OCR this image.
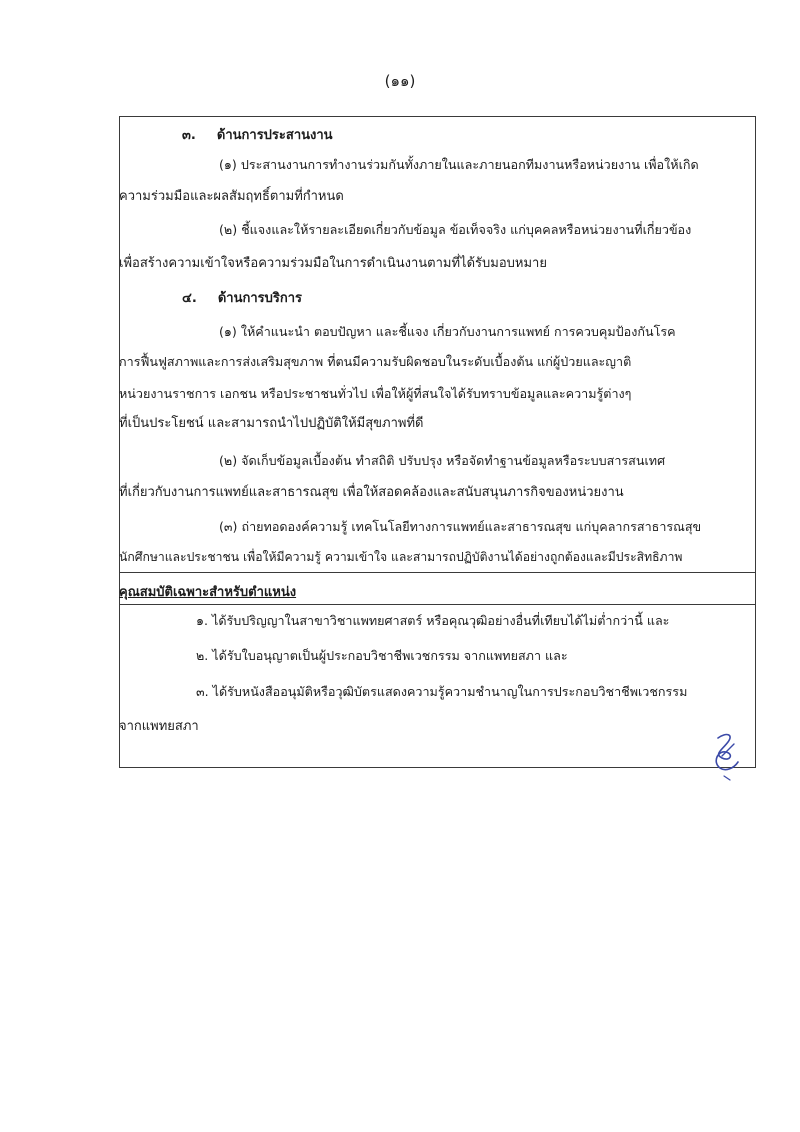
(๑๑)
๓. ด้านการประสานงาน
(๑) ประสานงานการทำงานร่วมกันทั้งภายในและภายนอกทีมงานหรือหน่วยงาน เพื่อให้เกิด
ความร่วมมือและผลสัมฤทธิ์ตามที่กำหนด
(๒) ชี้แจงและให้รายละเอียดเกี่ยวกับข้อมูล ข้อเท็จจริง แก่บุคคลหรือหน่วยงานที่เกี่ยวข้อง
เพื่อสร้างความเข้าใจหรือความร่วมมือในการดำเนินงานตามที่ได้รับมอบหมาย
๔. ด้านการบริการ
(๑) ให้คำแนะนำ ตอบปัญหา และชี้แจง เกี่ยวกับงานการแพทย์ การควบคุมป้องกันโรค
การฟื้นฟูสภาพและการส่งเสริมสุขภาพ ที่ตนมีความรับผิดชอบในระดับเบื้องต้น แก่ผู้ป่วยและญาติ
หน่วยงานราชการ เอกชน หรือประชาชนทั่วไป เพื่อให้ผู้ที่สนใจได้รับทราบข้อมูลและความรู้ต่างๆ
ที่เป็นประโยชน์ และสามารถนำไปปฏิบัติให้มีสุขภาพที่ดี
(๒) จัดเก็บข้อมูลเบื้องต้น ทำสถิติ ปรับปรุง หรือจัดทำฐานข้อมูลหรือระบบสารสนเทศ
ที่เกี่ยวกับงานการแพทย์และสาธารณสุข เพื่อให้สอดคล้องและสนับสนุนภารกิจของหน่วยงาน
(๓) ถ่ายทอดองค์ความรู้ เทคโนโลยีทางการแพทย์และสาธารณสุข แก่บุคลากรสาธารณสุข
นักศึกษาและประชาชน เพื่อให้มีความรู้ ความเข้าใจ และสามารถปฏิบัติงานได้อย่างถูกต้องและมีประสิทธิภาพ
คุณสมบัติเฉพาะสำหรับตำแหน่ง
๑. ได้รับปริญญาในสาขาวิชาแพทยศาสตร์ หรือคุณวุฒิอย่างอื่นที่เทียบได้ไม่ต่ำกว่านี้ และ
๒. ได้รับใบอนุญาตเป็นผู้ประกอบวิชาชีพเวชกรรม จากแพทยสภา และ
๓. ได้รับหนังสืออนุมัติหรือวุฒิบัตรแสดงความรู้ความชำนาญในการประกอบวิชาชีพเวชกรรม
จากแพทยสภา
